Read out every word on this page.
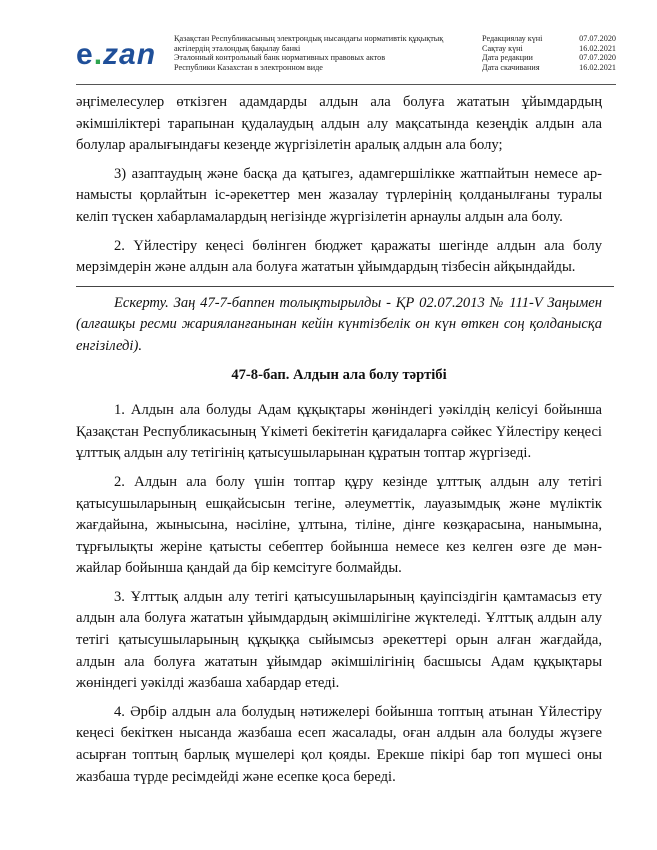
e.zan Қазақстан Республикасының электрондық нысандағы нормативтік құқықтық
актілердің эталондық бақылау банкі
Эталонный контрольный банк нормативных правовых актов
Республики Казахстан в электронном виде
Редакциялау күні	07.07.2020
Сақтау күні	16.02.2021
Дата редакции	07.07.2020
Дата скачивания	16.02.2021

әңгімелесулер өткізген адамдарды алдын ала болуға жататын ұйымдардың әкімшіліктері тарапынан қудалаудың алдын алу мақсатында кезеңдік алдын ала болулар аралығындағы кезеңде жүргізілетін аралық алдын ала болу;

3) азаптаудың және басқа да қатыгез, адамгершілікке жатпайтын немесе ар-намысты қорлайтын іс-әрекеттер мен жазалау түрлерінің қолданылғаны туралы келіп түскен хабарламалардың негізінде жүргізілетін арнаулы алдын ала болу.

2. Үйлестіру кеңесі бөлінген бюджет қаражаты шегінде алдын ала болу мерзімдерін және алдын ала болуға жататын ұйымдардың тізбесін айқындайды.

Ескерту. Заң 47-7-баппен толықтырылды - ҚР 02.07.2013 № 111-V Заңымен (алғашқы ресми жарияланғанынан кейін күнтізбелік он күн өткен соң қолданысқа енгізіледі).

47-8-бап. Алдын ала болу тәртібі

1. Алдын ала болуды Адам құқықтары жөніндегі уәкілдің келісуі бойынша Қазақстан Республикасының Үкіметі бекітетін қағидаларға сәйкес Үйлестіру кеңесі ұлттық алдын алу тетігінің қатысушыларынан құратын топтар жүргізеді.

2. Алдын ала болу үшін топтар құру кезінде ұлттық алдын алу тетігі қатысушыларының ешқайсысын тегіне, әлеуметтік, лауазымдық және мүліктік жағдайына, жынысына, нәсіліне, ұлтына, тіліне, дінге көзқарасына, нанымына, тұрғылықты жеріне қатысты себептер бойынша немесе кез келген өзге де мән-жайлар бойынша қандай да бір кемсітуге болмайды.

3. Ұлттық алдын алу тетігі қатысушыларының қауіпсіздігін қамтамасыз ету алдын ала болуға жататын ұйымдардың әкімшілігіне жүктеледі. Ұлттық алдын алу тетігі қатысушыларының құқыққа сыйымсыз әрекеттері орын алған жағдайда, алдын ала болуға жататын ұйымдар әкімшілігінің басшысы Адам құқықтары жөніндегі уәкілді жазбаша хабардар етеді.

4. Әрбір алдын ала болудың нәтижелері бойынша топтың атынан Үйлестіру кеңесі бекіткен нысанда жазбаша есеп жасалады, оған алдын ала болуды жүзеге асырған топтың барлық мүшелері қол қояды. Ерекше пікірі бар топ мүшесі оны жазбаша түрде ресімдейді және есепке қоса береді.
